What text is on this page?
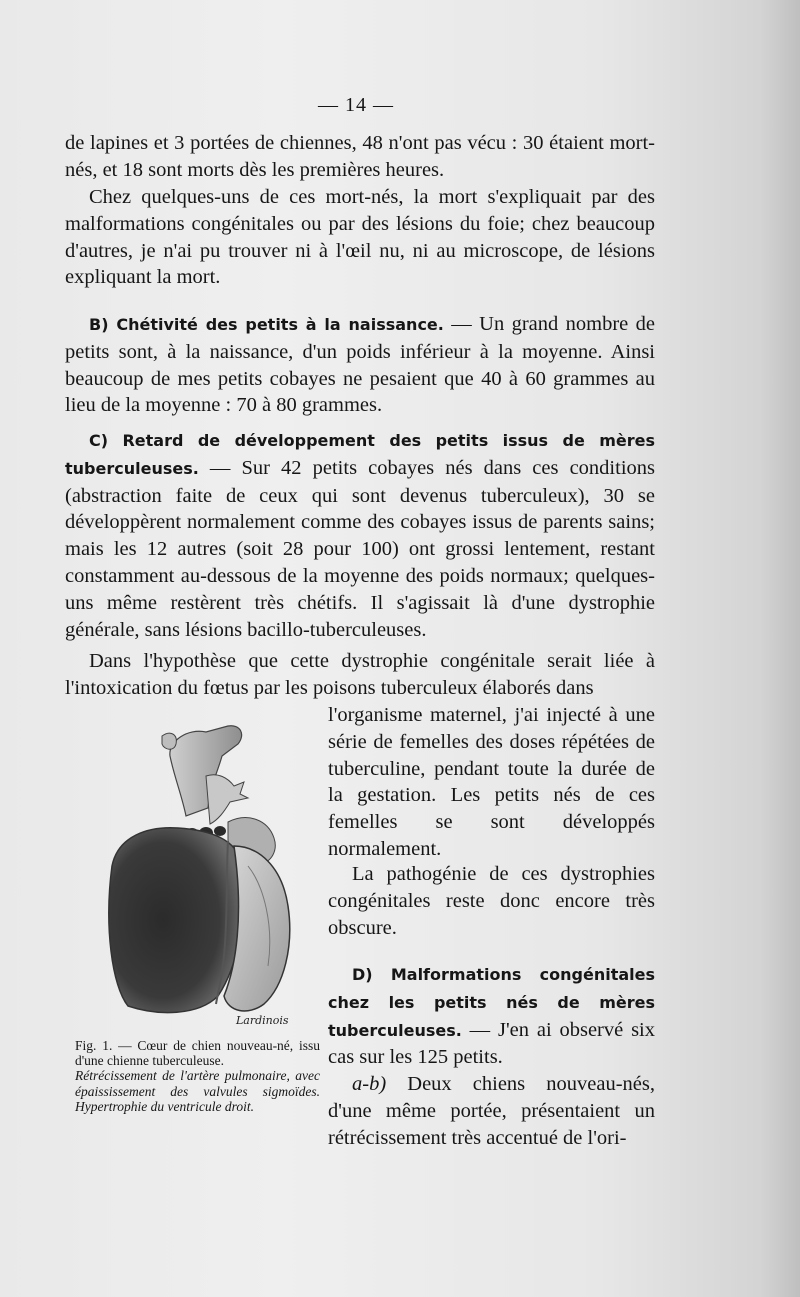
— 14 —

de lapines et 3 portées de chiennes, 48 n'ont pas vécu : 30 étaient mort-nés, et 18 sont morts dès les premières heures.

Chez quelques-uns de ces mort-nés, la mort s'expliquait par des malformations congénitales ou par des lésions du foie; chez beaucoup d'autres, je n'ai pu trouver ni à l'œil nu, ni au microscope, de lésions expliquant la mort.

B) Chétivité des petits à la naissance. — Un grand nombre de petits sont, à la naissance, d'un poids inférieur à la moyenne. Ainsi beaucoup de mes petits cobayes ne pesaient que 40 à 60 grammes au lieu de la moyenne : 70 à 80 grammes.

C) Retard de développement des petits issus de mères tuberculeuses. — Sur 42 petits cobayes nés dans ces conditions (abstraction faite de ceux qui sont devenus tuberculeux), 30 se développèrent normalement comme des cobayes issus de parents sains; mais les 12 autres (soit 28 pour 100) ont grossi lentement, restant constamment au-dessous de la moyenne des poids normaux; quelques-uns même restèrent très chétifs. Il s'agissait là d'une dystrophie générale, sans lésions bacillo-tuberculeuses.

Dans l'hypothèse que cette dystrophie congénitale serait liée à l'intoxication du fœtus par les poisons tuberculeux élaborés dans

l'organisme maternel, j'ai injecté à une série de femelles des doses répétées de tuberculine, pendant toute la durée de la gestation. Les petits nés de ces femelles se sont développés normalement.

La pathogénie de ces dystrophies congénitales reste donc encore très obscure.

D) Malformations congénitales chez les petits nés de mères tuberculeuses. — J'en ai observé six cas sur les 125 petits.

a-b) Deux chiens nouveau-nés, d'une même portée, présentaient un rétrécissement très accentué de l'ori-

Lardinois

Fig. 1. — Cœur de chien nouveau-né, issu d'une chienne tuberculeuse.

Rétrécissement de l'artère pulmonaire, avec épaississement des valvules sigmoïdes. Hypertrophie du ventricule droit.
